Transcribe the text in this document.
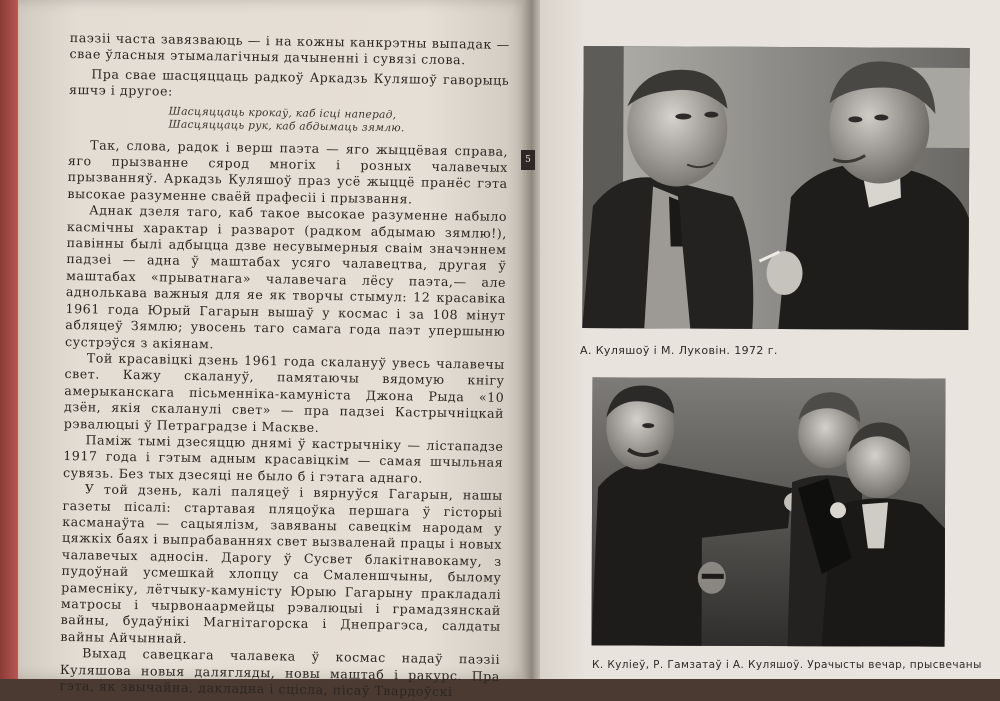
паэзіі часта завязваюць — і на кожны канкрэтны выпадак — свае ўласныя этымалагічныя дачыненні і сувязі слова.

Пра свае шасцяццаць радкоў Аркадзь Куляшоў гаворыць яшчэ і другое:

Шасцяццаць крокаў, каб ісці наперад,
Шасцяццаць рук, каб абдымаць зямлю.

Так, слова, радок і верш паэта — яго жыццёвая справа, яго прызванне сярод многіх і розных чалавечых прызванняў. Аркадзь Куляшоў праз усё жыццё пранёс гэта высокае разуменне сваёй прафесіі і прызвання.

Аднак дзеля таго, каб такое высокае разуменне набыло касмічны характар і разварот (радком абдымаю зямлю!), павінны былі адбыцца дзве несувымерныя сваім значэннем падзеі — адна ў маштабах усяго чалавецтва, другая ў маштабах «прыватнага» чалавечага лёсу паэта,— але аднолькава важныя для яе як творчы стымул: 12 красавіка 1961 года Юрый Гагарын вышаў у космас і за 108 мінут абляцеў Зямлю; увосень таго самага года паэт упершыню сустрэўся з акіянам.

Той красавіцкі дзень 1961 года скалануў увесь чалавечы свет. Кажу скалануў, памятаючы вядомую кнігу амерыканскага пісьменніка-камуніста Джона Рыда «10 дзён, якія скаланулі свет» — пра падзеі Кастрычніцкай рэвалюцыі ў Петраградзе і Маскве.

Паміж тымі дзесяццю днямі ў кастрычніку — лістападзе 1917 года і гэтым адным красавіцкім — самая шчыльная сувязь. Без тых дзесяці не было б і гэтага аднаго.

У той дзень, калі паляцеў і вярнуўся Гагарын, нашы газеты пісалі: стартавая пляцоўка першага ў гісторыі касманаўта — сацыялізм, завяваны савецкім народам у цяжкіх баях і выпрабаваннях свет вызваленай працы і новых чалавечых адносін. Дарогу ў Сусвет блакітнавокаму, з пудоўнай усмешкай хлопцу са Смаленшчыны, былому рамесніку, лётчыку-камуністу Юрыю Гагарыну пракладалі матросы і чырвонаармейцы рэвалюцыі і грамадзянскай вайны, будаўнікі Магнітагорска і Днепрагэса, салдаты вайны Айчыннай.

Выхад савецкага чалавека ў космас надаў паэзіі Куляшова новыя далягляды, новы маштаб і ракурс. Пра гэта, як звычайна, дакладна і сцісла, пісаў Твардоўскі

5
А. Куляшоў і М. Луковін. 1972 г.
К. Куліеў, Р. Гамзатаў і А. Куляшоў. Урачысты вечар, прысвечаны
